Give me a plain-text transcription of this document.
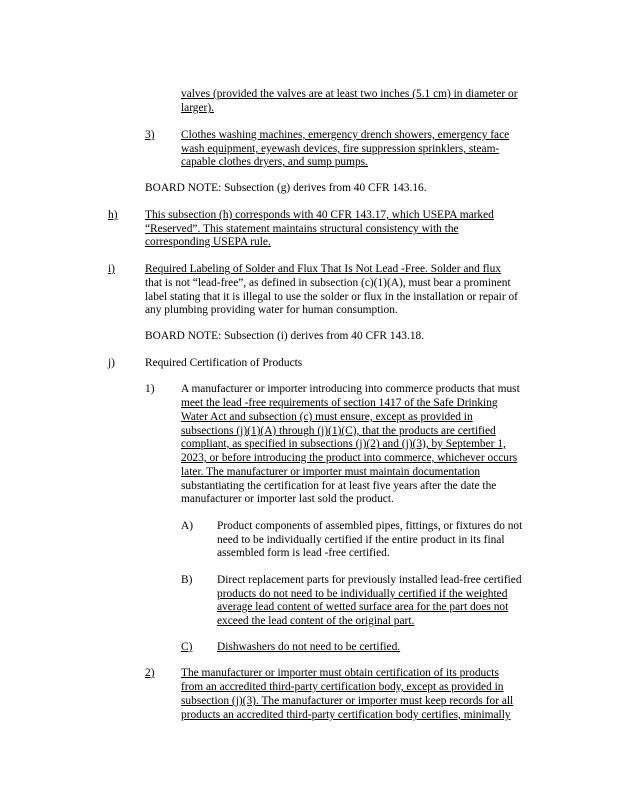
valves (provided the valves are at least two inches (5.1 cm) in diameter or
larger).
3) Clothes washing machines, emergency drench showers, emergency face
wash equipment, eyewash devices, fire suppression sprinklers, steam-
capable clothes dryers, and sump pumps.
BOARD NOTE: Subsection (g) derives from 40 CFR 143.16.
h) This subsection (h) corresponds with 40 CFR 143.17, which USEPA marked
“Reserved”. This statement maintains structural consistency with the
corresponding USEPA rule.
i)	Required Labeling of Solder and Flux That Is Not Lead -Free. Solder and flux
that is not “lead-free”, as defined in subsection (c)(1)(A), must bear a prominent
label stating that it is illegal to use the solder or flux in the installation or repair of
any plumbing providing water for human consumption.
BOARD NOTE: Subsection (i) derives from 40 CFR 143.18.
j)	Required Certification of Products
1) A manufacturer or importer introducing into commerce products that must
meet the lead -free requirements of section 1417 of the Safe Drinking
Water Act and subsection (c) must ensure, except as provided in
subsections (j)(1)(A) through (j)(1)(C), that the products are certified
compliant, as specified in subsections (j)(2) and (j)(3), by September 1,
2023, or before introducing the product into commerce, whichever occurs
later. The manufacturer or importer must maintain documentation
substantiating the certification for at least five years after the date the
manufacturer or importer last sold the product.
A) Product components of assembled pipes, fittings, or fixtures do not
need to be individually certified if the entire product in its final
assembled form is lead -free certified.
B) Direct replacement parts for previously installed lead-free certified
products do not need to be individually certified if the weighted
average lead content of wetted surface area for the part does not
exceed the lead content of the original part.
C) Dishwashers do not need to be certified.
2) The manufacturer or importer must obtain certification of its products
from an accredited third-party certification body, except as provided in
subsection (j)(3). The manufacturer or importer must keep records for all
products an accredited third-party certification body certifies, minimally
